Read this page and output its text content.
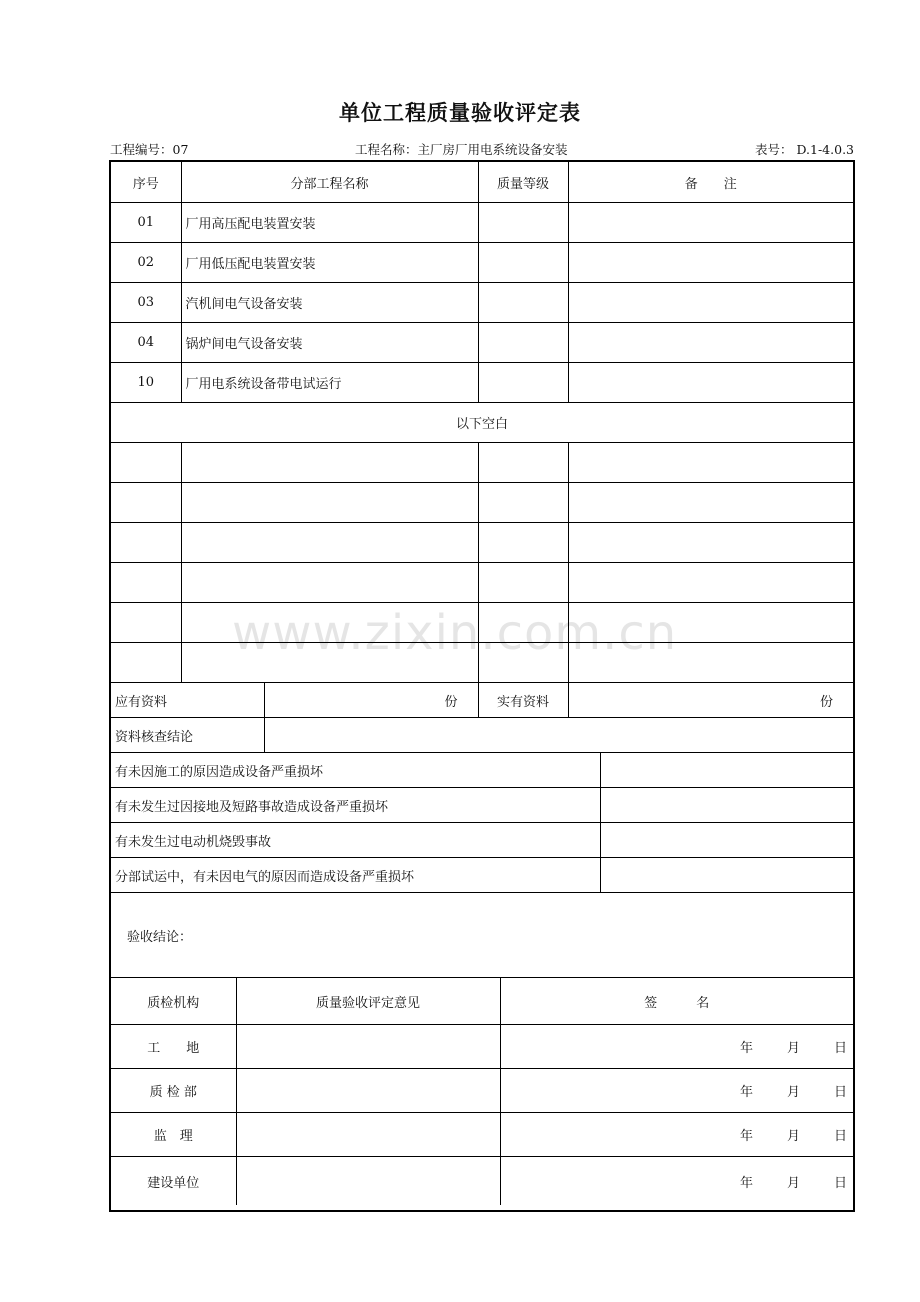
单位工程质量验收评定表
工程编号：07	工程名称：主厂房厂用电系统设备安装	表号： D.1-4.0.3
序号	分部工程名称	质量等级	备　　注
01	厂用高压配电装置安装		
02	厂用低压配电装置安装		
03	汽机间电气设备安装		
04	锅炉间电气设备安装		
10	厂用电系统设备带电试运行		
以下空白			

应有资料	份	实有资料	份
资料核查结论			
有未因施工的原因造成设备严重损坏	
有未发生过因接地及短路事故造成设备严重损坏	
有未发生过电动机烧毁事故	
分部试运中，有未因电气的原因而造成设备严重损坏	
验收结论：
质检机构	质量验收评定意见	签　　　名
工　　地		年 月 日
质 检 部		年 月 日
监　理		年 月 日
建设单位		年 月 日
www.zixin.com.cn
